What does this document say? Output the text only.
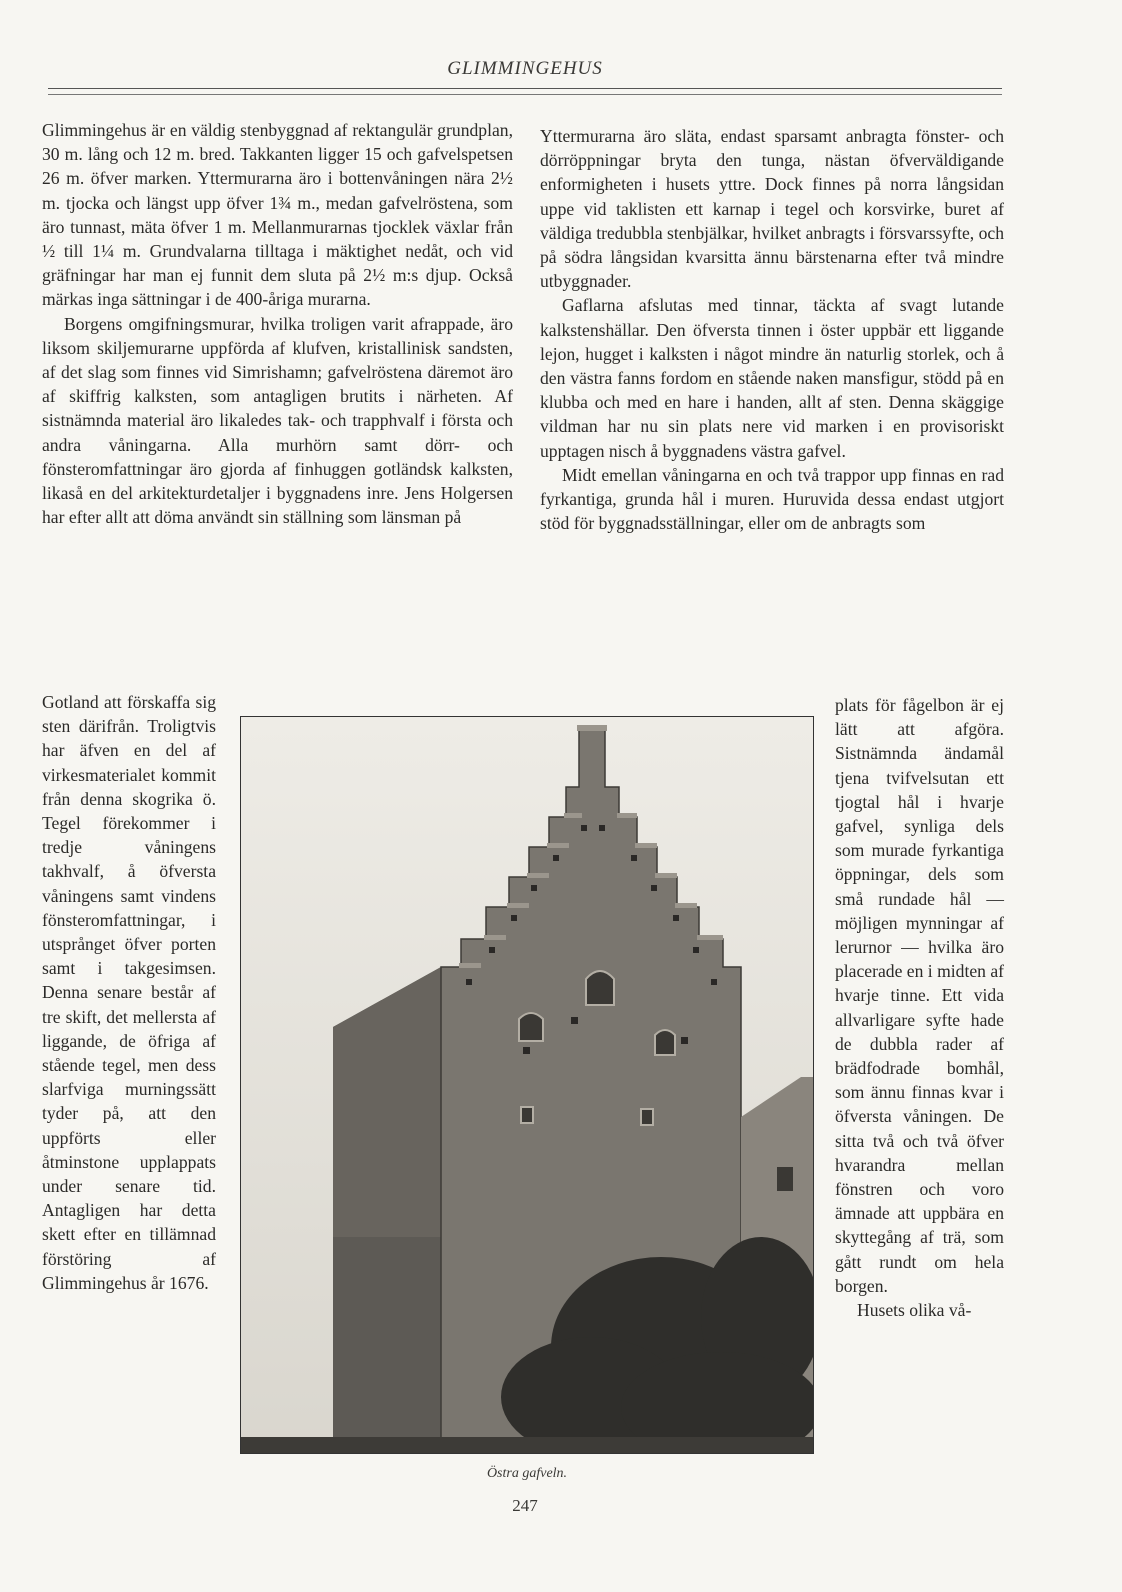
GLIMMINGEHUS

Glimmingehus är en väldig stenbyggnad af rektangulär grundplan, 30 m. lång och 12 m. bred. Takkanten ligger 15 och gafvelspetsen 26 m. öfver marken. Yttermurarna äro i bottenvåningen nära 2½ m. tjocka och längst upp öfver 1¾ m., medan gafvelröstena, som äro tunnast, mäta öfver 1 m. Mellanmurarnas tjocklek växlar från ½ till 1¼ m. Grundvalarna tilltaga i mäktighet nedåt, och vid gräfningar har man ej funnit dem sluta på 2½ m:s djup. Också märkas inga sättningar i de 400-åriga murarna.

Borgens omgifningsmurar, hvilka troligen varit afrappade, äro liksom skiljemurarne uppförda af klufven, kristallinisk sandsten, af det slag som finnes vid Simrishamn; gafvelröstena däremot äro af skiffrig kalksten, som antagligen brutits i närheten. Af sistnämnda material äro likaledes tak- och trapphvalf i första och andra våningarna. Alla murhörn samt dörr- och fönsteromfattningar äro gjorda af finhuggen gotländsk kalksten, likaså en del arkitekturdetaljer i byggnadens inre. Jens Holgersen har efter allt att döma användt sin ställning som länsman på

Gotland att förskaffa sig sten därifrån. Troligtvis har äfven en del af virkesmaterialet kommit från denna skogrika ö. Tegel förekommer i tredje våningens takhvalf, å öfversta våningens samt vindens fönsteromfattningar, i utsprånget öfver porten samt i takgesimsen. Denna senare består af tre skift, det mellersta af liggande, de öfriga af stående tegel, men dess slarfviga murningssätt tyder på, att den uppförts eller åtminstone upplappats under senare tid. Antagligen har detta skett efter en tillämnad förstöring af Glimmingehus år 1676.

Yttermurarna äro släta, endast sparsamt anbragta fönster- och dörröppningar bryta den tunga, nästan öfverväldigande enformigheten i husets yttre. Dock finnes på norra långsidan uppe vid taklisten ett karnap i tegel och korsvirke, buret af väldiga tredubbla stenbjälkar, hvilket anbragts i försvarssyfte, och på södra långsidan kvarsitta ännu bärstenarna efter två mindre utbyggnader.

Gaflarna afslutas med tinnar, täckta af svagt lutande kalkstenshällar. Den öfversta tinnen i öster uppbär ett liggande lejon, hugget i kalksten i något mindre än naturlig storlek, och å den västra fanns fordom en stående naken mansfigur, stödd på en klubba och med en hare i handen, allt af sten. Denna skäggige vildman har nu sin plats nere vid marken i en provisoriskt upptagen nisch å byggnadens västra gafvel.

Midt emellan våningarna en och två trappor upp finnas en rad fyrkantiga, grunda hål i muren. Huruvida dessa endast utgjort stöd för byggnadsställningar, eller om de anbragts som

plats för fågelbon är ej lätt att afgöra. Sistnämnda ändamål tjena tvifvelsutan ett tjogtal hål i hvarje gafvel, synliga dels som murade fyrkantiga öppningar, dels som små rundade hål — möjligen mynningar af lerurnor — hvilka äro placerade en i midten af hvarje tinne. Ett vida allvarligare syfte hade de dubbla rader af brädfodrade bomhål, som ännu finnas kvar i öfversta våningen. De sitta två och två öfver hvarandra mellan fönstren och voro ämnade att uppbära en skyttegång af trä, som gått rundt om hela borgen.

Husets olika vå-

Östra gafveln.
247
